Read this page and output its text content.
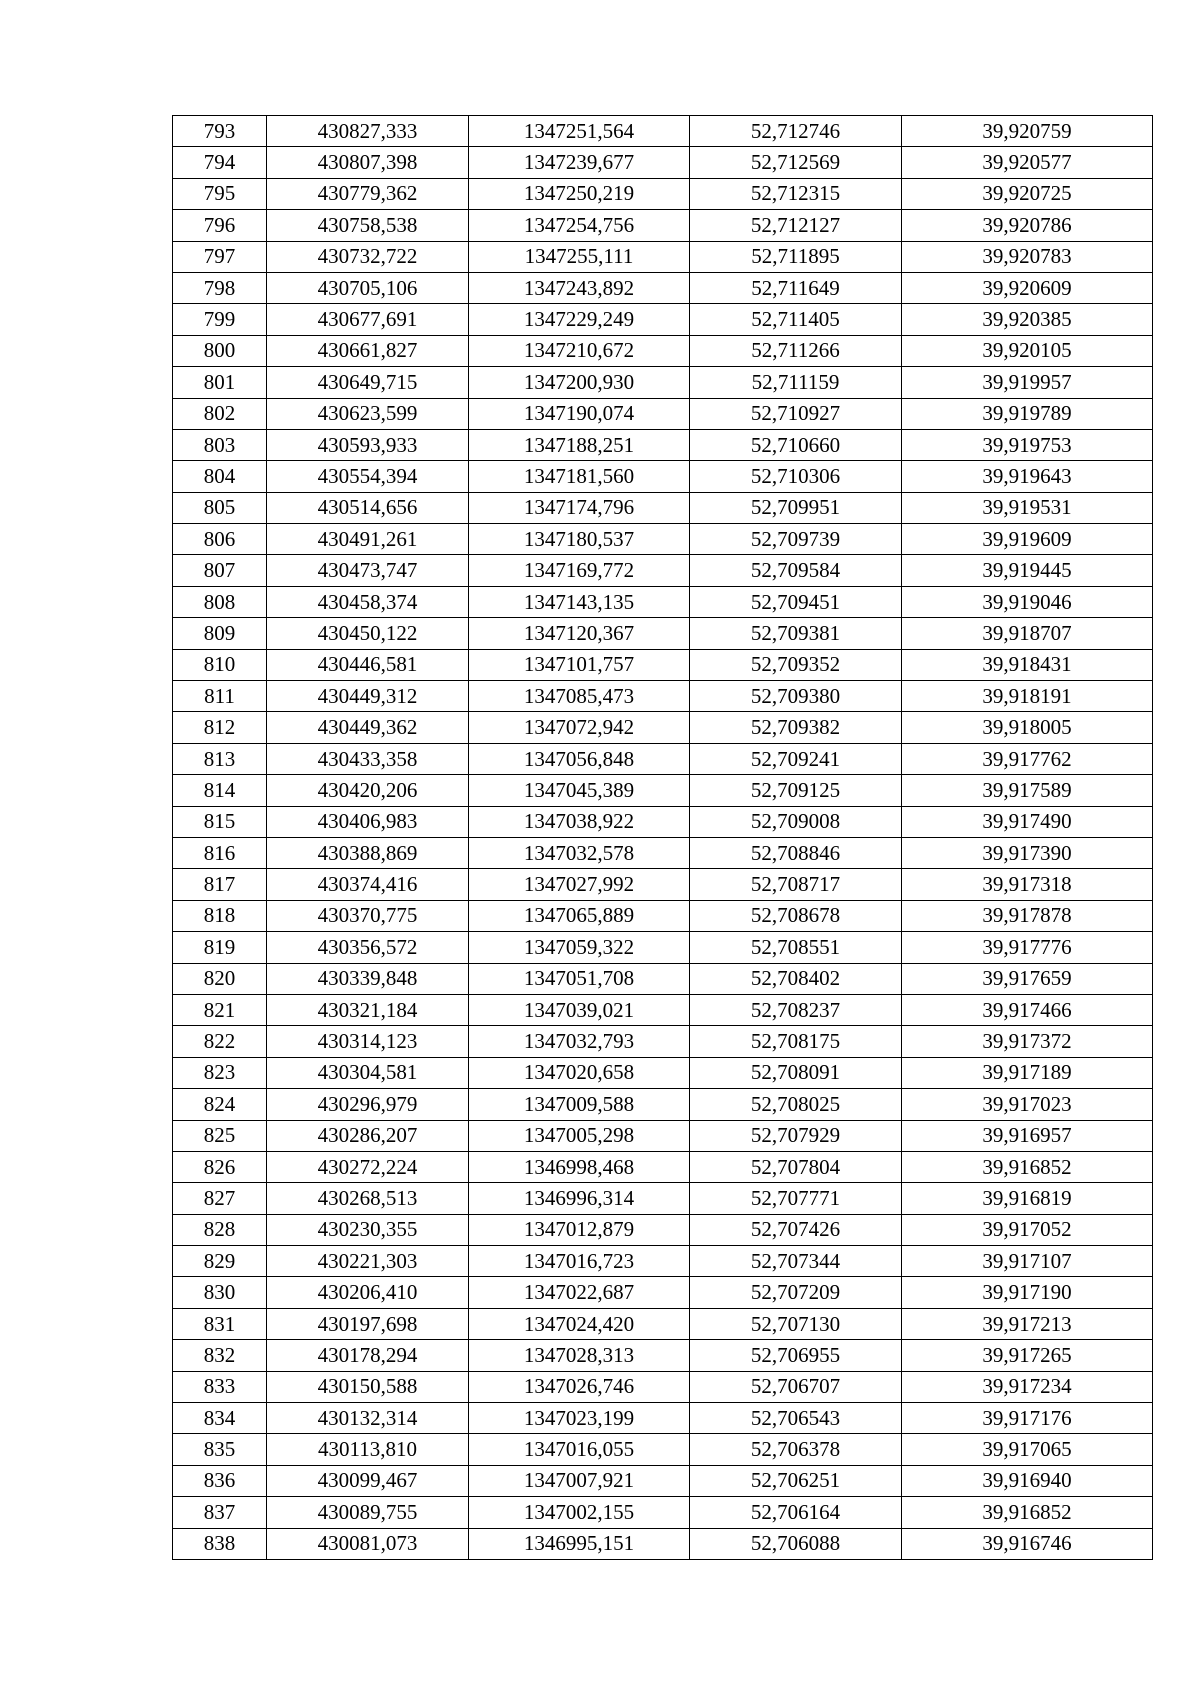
793	430827,333	1347251,564	52,712746	39,920759
794	430807,398	1347239,677	52,712569	39,920577
795	430779,362	1347250,219	52,712315	39,920725
796	430758,538	1347254,756	52,712127	39,920786
797	430732,722	1347255,111	52,711895	39,920783
798	430705,106	1347243,892	52,711649	39,920609
799	430677,691	1347229,249	52,711405	39,920385
800	430661,827	1347210,672	52,711266	39,920105
801	430649,715	1347200,930	52,711159	39,919957
802	430623,599	1347190,074	52,710927	39,919789
803	430593,933	1347188,251	52,710660	39,919753
804	430554,394	1347181,560	52,710306	39,919643
805	430514,656	1347174,796	52,709951	39,919531
806	430491,261	1347180,537	52,709739	39,919609
807	430473,747	1347169,772	52,709584	39,919445
808	430458,374	1347143,135	52,709451	39,919046
809	430450,122	1347120,367	52,709381	39,918707
810	430446,581	1347101,757	52,709352	39,918431
811	430449,312	1347085,473	52,709380	39,918191
812	430449,362	1347072,942	52,709382	39,918005
813	430433,358	1347056,848	52,709241	39,917762
814	430420,206	1347045,389	52,709125	39,917589
815	430406,983	1347038,922	52,709008	39,917490
816	430388,869	1347032,578	52,708846	39,917390
817	430374,416	1347027,992	52,708717	39,917318
818	430370,775	1347065,889	52,708678	39,917878
819	430356,572	1347059,322	52,708551	39,917776
820	430339,848	1347051,708	52,708402	39,917659
821	430321,184	1347039,021	52,708237	39,917466
822	430314,123	1347032,793	52,708175	39,917372
823	430304,581	1347020,658	52,708091	39,917189
824	430296,979	1347009,588	52,708025	39,917023
825	430286,207	1347005,298	52,707929	39,916957
826	430272,224	1346998,468	52,707804	39,916852
827	430268,513	1346996,314	52,707771	39,916819
828	430230,355	1347012,879	52,707426	39,917052
829	430221,303	1347016,723	52,707344	39,917107
830	430206,410	1347022,687	52,707209	39,917190
831	430197,698	1347024,420	52,707130	39,917213
832	430178,294	1347028,313	52,706955	39,917265
833	430150,588	1347026,746	52,706707	39,917234
834	430132,314	1347023,199	52,706543	39,917176
835	430113,810	1347016,055	52,706378	39,917065
836	430099,467	1347007,921	52,706251	39,916940
837	430089,755	1347002,155	52,706164	39,916852
838	430081,073	1346995,151	52,706088	39,916746
